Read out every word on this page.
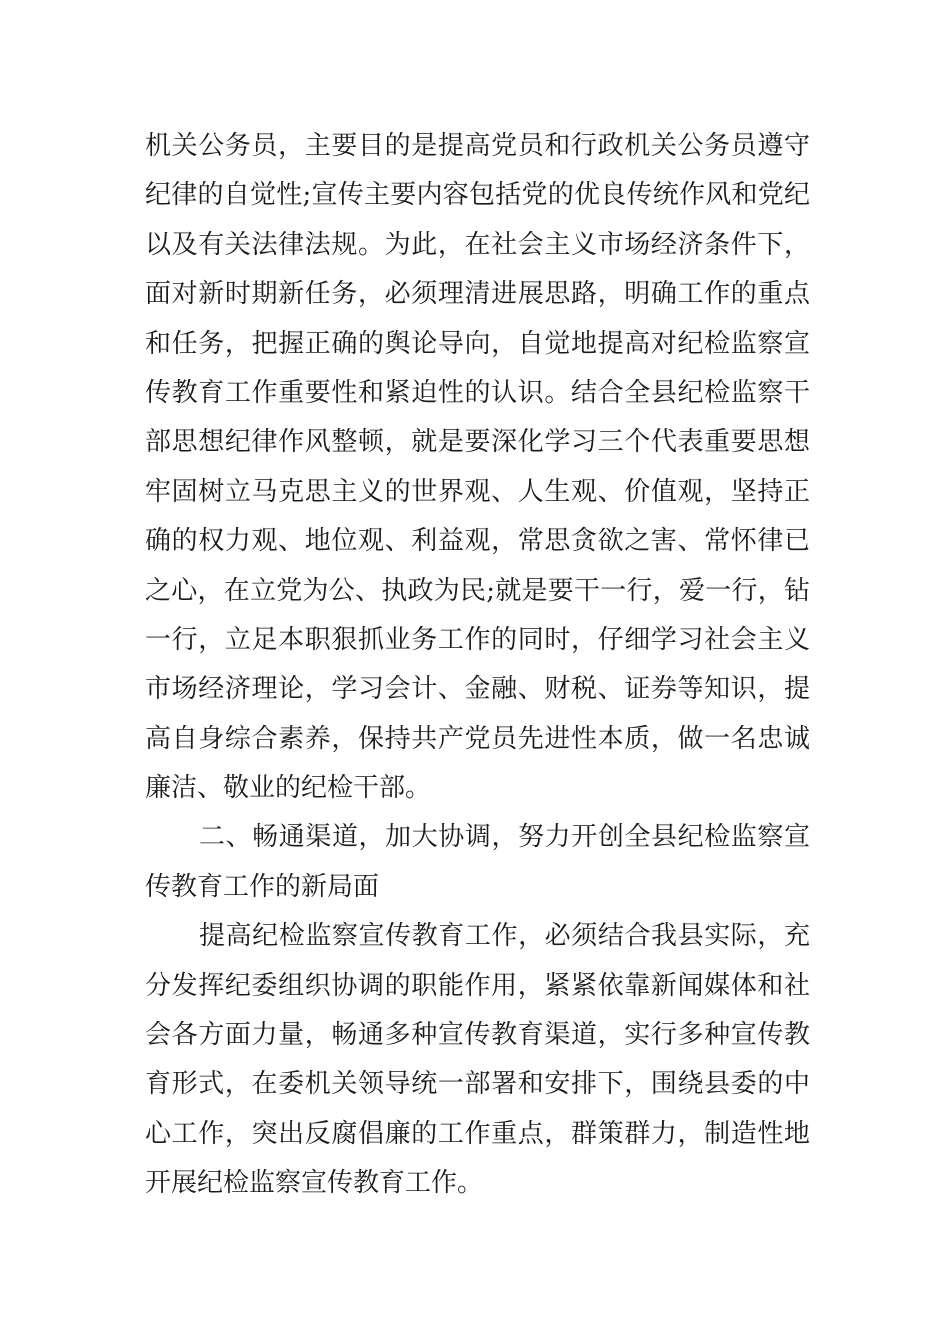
机关公务员，主要目的是提高党员和行政机关公务员遵守
纪律的自觉性;宣传主要内容包括党的优良传统作风和党纪
以及有关法律法规。为此，在社会主义市场经济条件下，
面对新时期新任务，必须理清进展思路，明确工作的重点
和任务，把握正确的舆论导向，自觉地提高对纪检监察宣
传教育工作重要性和紧迫性的认识。结合全县纪检监察干
部思想纪律作风整顿，就是要深化学习三个代表重要思想
牢固树立马克思主义的世界观、人生观、价值观，坚持正
确的权力观、地位观、利益观，常思贪欲之害、常怀律已
之心，在立党为公、执政为民;就是要干一行，爱一行，钻
一行，立足本职狠抓业务工作的同时，仔细学习社会主义
市场经济理论，学习会计、金融、财税、证券等知识，提
高自身综合素养，保持共产党员先进性本质，做一名忠诚
廉洁、敬业的纪检干部。
二、畅通渠道，加大协调，努力开创全县纪检监察宣
传教育工作的新局面
提高纪检监察宣传教育工作，必须结合我县实际，充
分发挥纪委组织协调的职能作用，紧紧依靠新闻媒体和社
会各方面力量，畅通多种宣传教育渠道，实行多种宣传教
育形式，在委机关领导统一部署和安排下，围绕县委的中
心工作，突出反腐倡廉的工作重点，群策群力，制造性地
开展纪检监察宣传教育工作。
